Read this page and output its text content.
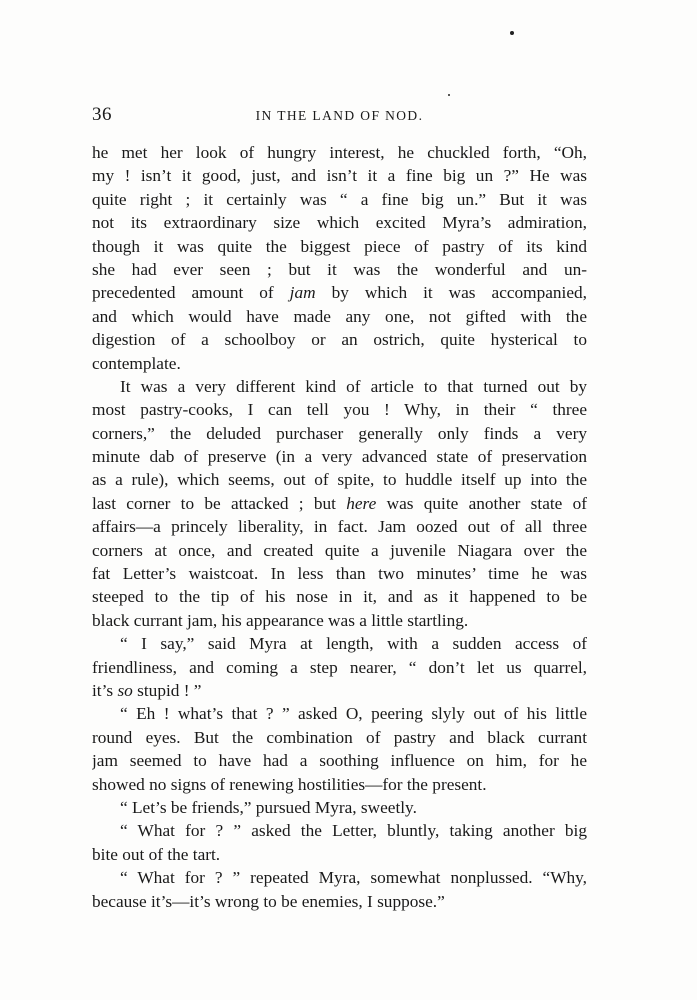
36	IN THE LAND OF NOD.
he met her look of hungry interest, he chuckled forth, “Oh,
my ! isn’t it good, just, and isn’t it a fine big un ?” He was
quite right ; it certainly was “ a fine big un.” But it was
not its extraordinary size which excited Myra’s admiration,
though it was quite the biggest piece of pastry of its kind
she had ever seen ; but it was the wonderful and un-
precedented amount of jam by which it was accompanied,
and which would have made any one, not gifted with the
digestion of a schoolboy or an ostrich, quite hysterical to
contemplate.
It was a very different kind of article to that turned out by
most pastry-cooks, I can tell you ! Why, in their “ three
corners,” the deluded purchaser generally only finds a very
minute dab of preserve (in a very advanced state of preservation
as a rule), which seems, out of spite, to huddle itself up into the
last corner to be attacked ; but here was quite another state of
affairs—a princely liberality, in fact. Jam oozed out of all three
corners at once, and created quite a juvenile Niagara over the
fat Letter’s waistcoat. In less than two minutes’ time he was
steeped to the tip of his nose in it, and as it happened to be
black currant jam, his appearance was a little startling.
“ I say,” said Myra at length, with a sudden access of
friendliness, and coming a step nearer, “ don’t let us quarrel,
it’s so stupid ! ”
“ Eh ! what’s that ? ” asked O, peering slyly out of his little
round eyes. But the combination of pastry and black currant
jam seemed to have had a soothing influence on him, for he
showed no signs of renewing hostilities—for the present.
“ Let’s be friends,” pursued Myra, sweetly.
“ What for ? ” asked the Letter, bluntly, taking another big
bite out of the tart.
“ What for ? ” repeated Myra, somewhat nonplussed. “Why,
because it’s—it’s wrong to be enemies, I suppose.”
